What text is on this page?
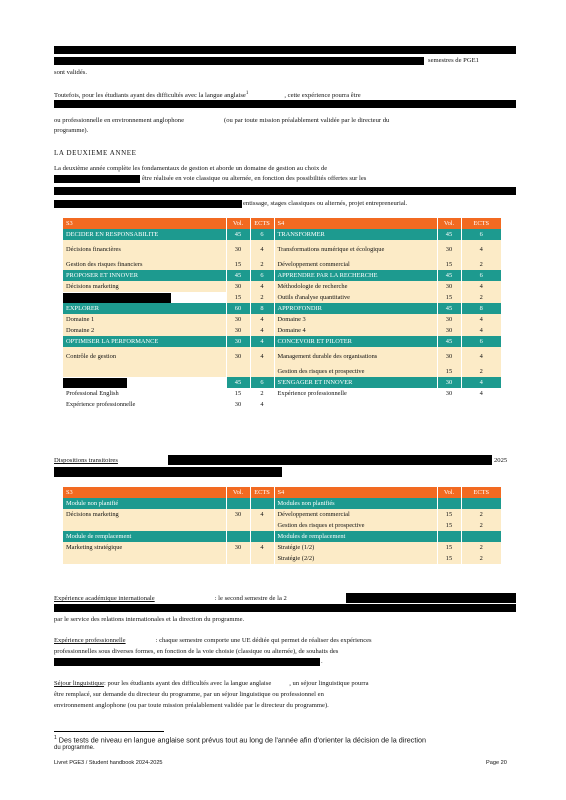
semestres de PGE1
sont validés.
Toutefois, pour les étudiants ayant des difficultés avec la langue anglaise$^1$	, cette expérience pourra être
ou professionnelle en environnement anglophone	(ou par toute mission préalablement validée par le directeur du
programme).
LA DEUXIEME ANNEE
La deuxième année complète les fondamentaux de gestion et aborde un domaine de gestion au choix de
être réalisée en voie classique ou alternée, en fonction des possibilités offertes sur les
entissage, stages classiques ou alternés, projet entrepreneurial.
S3	Vol.	ECTS	S4	Vol.	ECTS
DECIDER EN RESPONSABILITE	45	6	TRANSFORMER	45	6
Décisions financières	30	4	Transformations numérique et écologique	30	4
Gestion des risques financiers	15	2	Développement commercial	15	2
PROPOSER ET INNOVER	45	6	APPRENDRE PAR LA RECHERCHE	45	6
Décisions marketing	30	4	Méthodologie de recherche	30	4

	15	2	Outils d'analyse quantitative	15	2
EXPLORER	60	8	APPROFONDIR	45	8
Domaine 1	30	4	Domaine 3	30	4
Domaine 2	30	4	Domaine 4	30	4
OPTIMISER LA PERFORMANCE	30	4	CONCEVOIR ET PILOTER	45	6
Contrôle de gestion	30	4	Management durable des organisations	30	4
			Gestion des risques et prospective	15	2

	45	6	S'ENGAGER ET INNOVER	30	4
Professional English	15	2	Expérience professionnelle	30	4
Expérience professionnelle	30	4			
Dispositions transitoires	2025
S3	Vol.	ECTS	S4	Vol.	ECTS
Module non planifié			Modules non planifiés		
Décisions marketing	30	4	Développement commercial	15	2
			Gestion des risques et prospective	15	2
Module de remplacement			Modules de remplacement		
Marketing stratégique	30	4	Stratégie (1/2)	15	2
			Stratégie (2/2)	15	2
Expérience académique internationale	: le second semestre de la 2
par le service des relations internationales et la direction du programme.
Expérience professionnelle	: chaque semestre comporte une UE dédiée qui permet de réaliser des expériences
professionnelles sous diverses formes, en fonction de la voie choisie (classique ou alternée), de souhaits des
.
Séjour linguistique: pour les étudiants ayant des difficultés avec la langue anglaise	, un séjour linguistique pourra
être remplacé, sur demande du directeur du programme, par un séjour linguistique ou professionnel en
environnement anglophone (ou par toute mission préalablement validée par le directeur du programme).
$^1$ Des tests de niveau en langue anglaise sont prévus tout au long de l'année afin d'orienter la décision de la direction
du programme.
Livret PGE3 / Student handbook 2024-2025	Page 20
